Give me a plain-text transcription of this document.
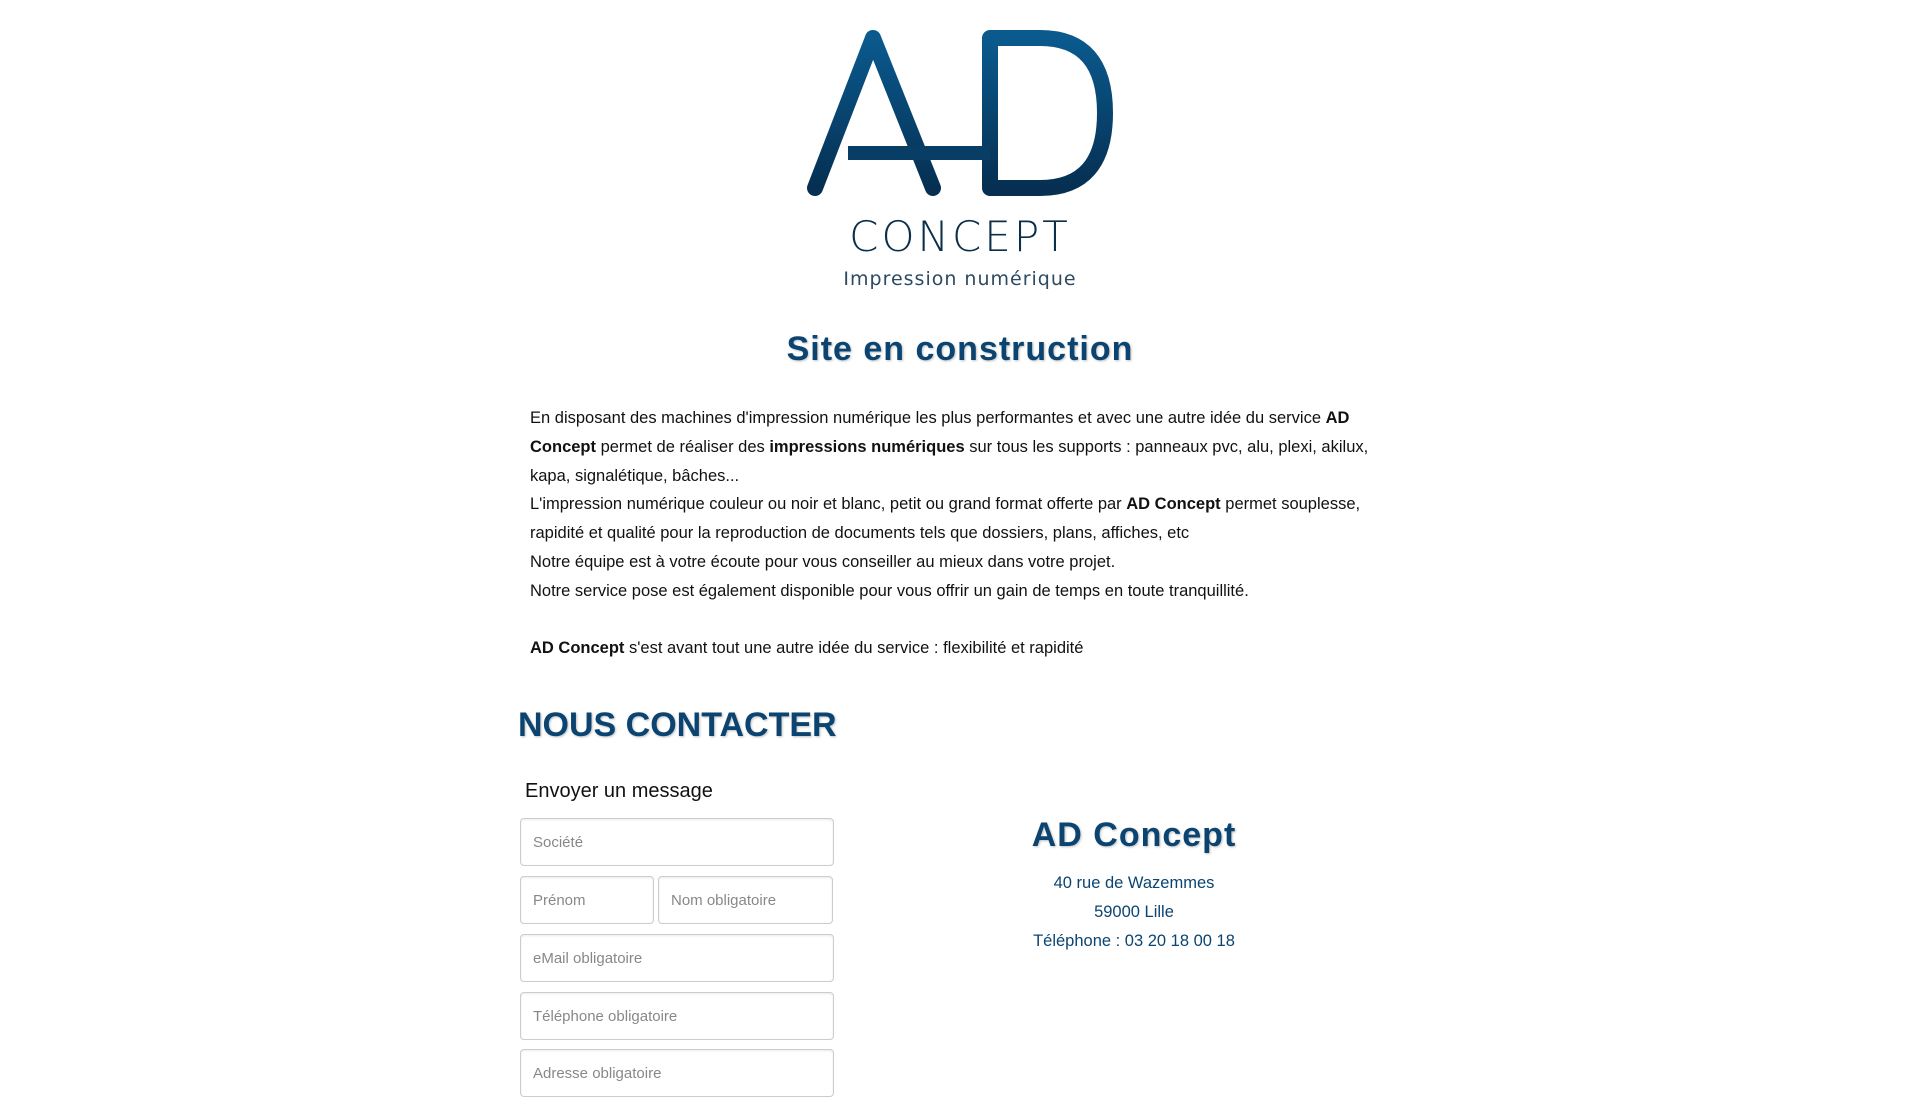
CONCEPT
Impression numérique
Site en construction

En disposant des machines d'impression numérique les plus performantes et avec une autre idée du service AD Concept permet de réaliser des impressions numériques sur tous les supports : panneaux pvc, alu, plexi, akilux, kapa, signalétique, bâches...

L'impression numérique couleur ou noir et blanc, petit ou grand format offerte par AD Concept permet souplesse, rapidité et qualité pour la reproduction de documents tels que dossiers, plans, affiches, etc

Notre équipe est à votre écoute pour vous conseiller au mieux dans votre projet.

Notre service pose est également disponible pour vous offrir un gain de temps en toute tranquillité.

AD Concept s'est avant tout une autre idée du service : flexibilité et rapidité

NOUS CONTACTER
Envoyer un message
Société
Prénom
Nom obligatoire
eMail obligatoire
Téléphone obligatoire
Adresse obligatoire
AD Concept
40 rue de Wazemmes
59000 Lille
Téléphone : 03 20 18 00 18
